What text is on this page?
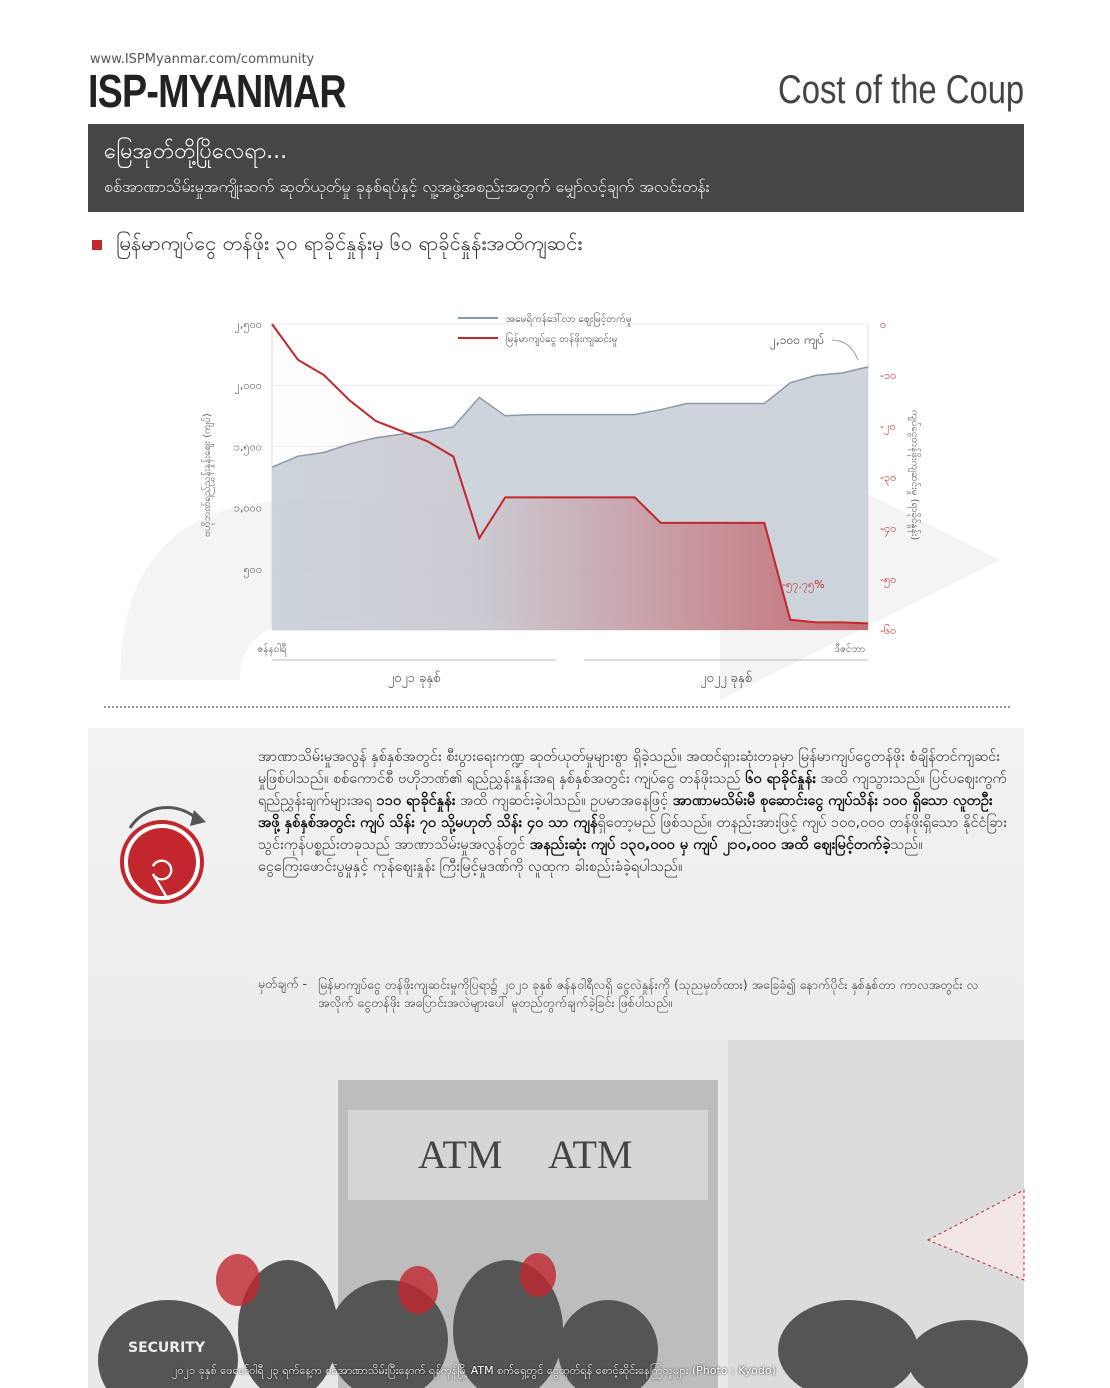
www.ISPMyanmar.com/community
ISP-MYANMAR	Cost of the Coup
မြေအုတ်တို့ပြိုလေရာ...
စစ်အာဏာသိမ်းမှုအကျိုးဆက် ဆုတ်ယုတ်မှု ခုနစ်ရပ်နှင့် လူ့အဖွဲ့အစည်းအတွက် မျှော်လင့်ချက် အလင်းတန်း
မြန်မာကျပ်ငွေ တန်ဖိုး ၃၀ ရာခိုင်နှုန်းမှ ၆၀ ရာခိုင်နှုန်းအထိကျဆင်း
၅၀၀
၁,၀၀၀
၁,၅၀၀
၂,၀၀၀
၂,၅၀၀	၀
-၁၀
-၂၀
-၃၀
-၄၀
-၅၀
-၆၀
ဗဟိုဘဏ်ရည်ညွှန်းနှုန်းဈေး (ကျပ်)	ကျပ်ငွေတန်ဖိုးကျဆင်းမှု (ရာခိုင်နှုန်း)
အမေရိကန်ဒေါ်လာ ဈေးမြင့်တက်မှု
မြန်မာကျပ်ငွေ တန်ဖိုးကျဆင်းမှု	၂,၁၀၀ ကျပ်
-၅၇.၇၅%
ဇန်နဝါရီ	ဒီဇင်ဘာ
၂၀၂၁ ခုနှစ်	၂၀၂၂ ခုနှစ်
၃
အာဏာသိမ်းမှုအလွန် နှစ်နှစ်အတွင်း စီးပွားရေးကဏ္ဍ ဆုတ်ယုတ်မှုများစွာ ရှိခဲ့သည်။ အထင်ရှားဆုံးတခုမှာ မြန်မာကျပ်ငွေတန်ဖိုး စံချိန်တင်ကျဆင်းမှုဖြစ်ပါသည်။ စစ်ကောင်စီ ဗဟိုဘဏ်၏ ရည်ညွှန်းနှုန်းအရ နှစ်နှစ်အတွင်း ကျပ်ငွေ တန်ဖိုးသည် ၆၀ ရာခိုင်နှုန်း အထိ ကျသွားသည်။ ပြင်ပဈေးကွက် ရည်ညွှန်းချက်များအရ ၁၁၀ ရာခိုင်နှုန်း အထိ ကျဆင်းခဲ့ပါသည်။ ဥပမာအနေဖြင့် အာဏာမသိမ်းမီ စုဆောင်းငွေ ကျပ်သိန်း ၁၀၀ ရှိသော လူတဦးအဖို့ နှစ်နှစ်အတွင်း ကျပ် သိန်း ၇၀ သို့မဟုတ် သိန်း ၄၀ သာ ကျန်ရှိတော့မည် ဖြစ်သည်။ တနည်းအားဖြင့် ကျပ် ၁၀၀,၀၀၀ တန်ဖိုးရှိသော နိုင်ငံခြားသွင်းကုန်ပစ္စည်းတခုသည် အာဏာသိမ်းမှုအလွန်တွင် အနည်းဆုံး ကျပ် ၁၃၀,၀၀၀ မှ ကျပ် ၂၁၀,၀၀၀ အထိ ဈေးမြင့်တက်ခဲ့သည်။ ငွေကြေးဖောင်းပွမှုနှင့် ကုန်ဈေးနှုန်း ကြီးမြင့်မှုဒဏ်ကို လူထုက ခါးစည်းခံခဲ့ရပါသည်။
မှတ်ချက် - မြန်မာကျပ်ငွေ တန်ဖိုးကျဆင်းမှုကိုပြရာ၌ ၂၀၂၁ ခုနှစ် ဇန်နဝါရီလရှိ ငွေလဲနှုန်းကို (သုညမှတ်ထား) အခြေခံ၍ နောက်ပိုင်း နှစ်နှစ်တာ ကာလအတွင်း လအလိုက် ငွေတန်ဖိုး အပြောင်းအလဲများပေါ် မူတည်တွက်ချက်ခဲ့ခြင်း ဖြစ်ပါသည်။
ATM ATM
SECURITY
၂၀၂၁ ခုနှစ် ဖေဖော်ဝါရီ ၂၃ ရက်နေ့က စစ်အာဏာသိမ်းပြီးနောက် ရန်ကုန်မြို့ ATM စက်ရှေ့တွင် ငွေထုတ်ရန် စောင့်ဆိုင်းနေကြသူများ (Photo : Kyodo)
